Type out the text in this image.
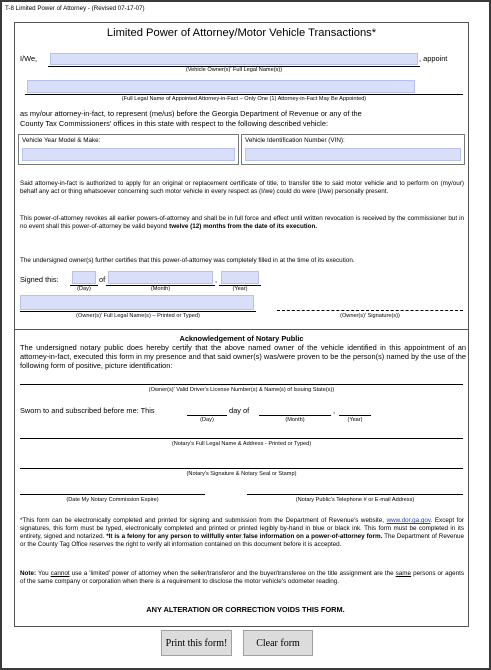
T-8 Limited Power of Attorney - (Revised 07-17-07)
Limited Power of Attorney/Motor Vehicle Transactions*
I/We,	, appoint
(Vehicle Owner(s)' Full Legal Name(s))
(Full Legal Name of Appointed Attorney-in-Fact – Only One (1) Attorney-in-Fact May Be Appointed)
as my/our attorney-in-fact, to represent (me/us) before the Georgia Department of Revenue or any of the
County Tax Commissioners' offices in this state with respect to the following described vehicle:
Vehicle Year Model & Make:	Vehicle Identification Number (VIN):
Said attorney-in-fact is authorized to apply for an original or replacement certificate of title, to transfer title to said motor vehicle and to perform on (my/our) behalf any act or thing whatsoever concerning such motor vehicle in every respect as (I/we) could do were (I/we) personally present.
This power-of-attorney revokes all earlier powers-of-attorney and shall be in full force and effect until written revocation is received by the commissioner but in no event shall this power-of-attorney be valid beyond twelve (12) months from the date of its execution.
The undersigned owner(s) further certifies that this power-of-attorney was completely filled in at the time of its execution.
Signed this:	of	,
(Day)	(Month)	(Year)
(Owner(s)' Full Legal Name(s) – Printed or Typed)	(Owner(s)' Signature(s))
Acknowledgement of Notary Public
The undersigned notary public does hereby certify that the above named owner of the vehicle identified in this appointment of an attorney-in-fact, executed this form in my presence and that said owner(s) was/were proven to be the person(s) named by the use of the following form of positive, picture identification:
(Owner(s)' Valid Driver's License Number(s) & Name(s) of Issuing State(s))
Sworn to and subscribed before me: This	day of	,
(Day)	(Month)	(Year)
(Notary's Full Legal Name & Address - Printed or Typed)
(Notary's Signature & Notary Seal or Stamp)
(Date My Notary Commission Expire)	(Notary Public's Telephone # or E-mail Address)
*This form can be electronically completed and printed for signing and submission from the Department of Revenue's website, www.dor.ga.gov. Except for signatures, this form must be typed, electronically completed and printed or printed legibly by-hand in blue or black ink. This form must be completed in its entirety, signed and notarized. *It is a felony for any person to willfully enter false information on a power-of-attorney form. The Department of Revenue or the County Tag Office reserves the right to verify all information contained on this document before it is accepted.
Note: You cannot use a 'limited' power of attorney when the seller/transferor and the buyer/transferee on the title assignment are the same persons or agents of the same company or corporation when there is a requirement to disclose the motor vehicle's odometer reading.
ANY ALTERATION OR CORRECTION VOIDS THIS FORM.
Print this form!	Clear form
